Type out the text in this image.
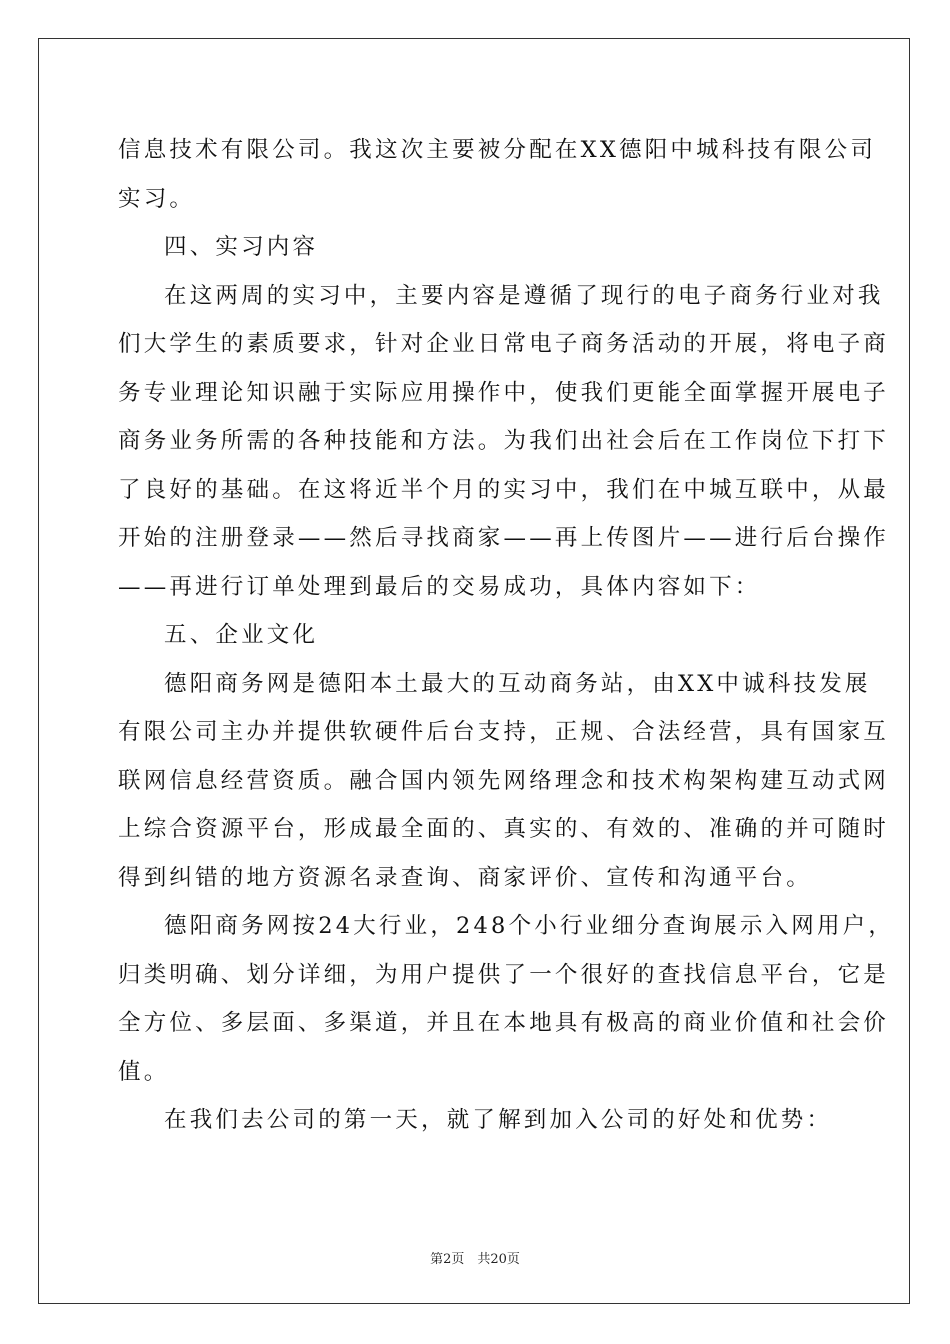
信息技术有限公司。我这次主要被分配在XX德阳中城科技有限公司
实习。
四、实习内容
在这两周的实习中，主要内容是遵循了现行的电子商务行业对我
们大学生的素质要求，针对企业日常电子商务活动的开展，将电子商
务专业理论知识融于实际应用操作中，使我们更能全面掌握开展电子
商务业务所需的各种技能和方法。为我们出社会后在工作岗位下打下
了良好的基础。在这将近半个月的实习中，我们在中城互联中，从最
开始的注册登录——然后寻找商家——再上传图片——进行后台操作
——再进行订单处理到最后的交易成功，具体内容如下：
五、企业文化
德阳商务网是德阳本土最大的互动商务站，由XX中诚科技发展
有限公司主办并提供软硬件后台支持，正规、合法经营，具有国家互
联网信息经营资质。融合国内领先网络理念和技术构架构建互动式网
上综合资源平台，形成最全面的、真实的、有效的、准确的并可随时
得到纠错的地方资源名录查询、商家评价、宣传和沟通平台。
德阳商务网按24大行业，248个小行业细分查询展示入网用户，
归类明确、划分详细，为用户提供了一个很好的查找信息平台，它是
全方位、多层面、多渠道，并且在本地具有极高的商业价值和社会价
值。
在我们去公司的第一天，就了解到加入公司的好处和优势：
第2页　共20页
